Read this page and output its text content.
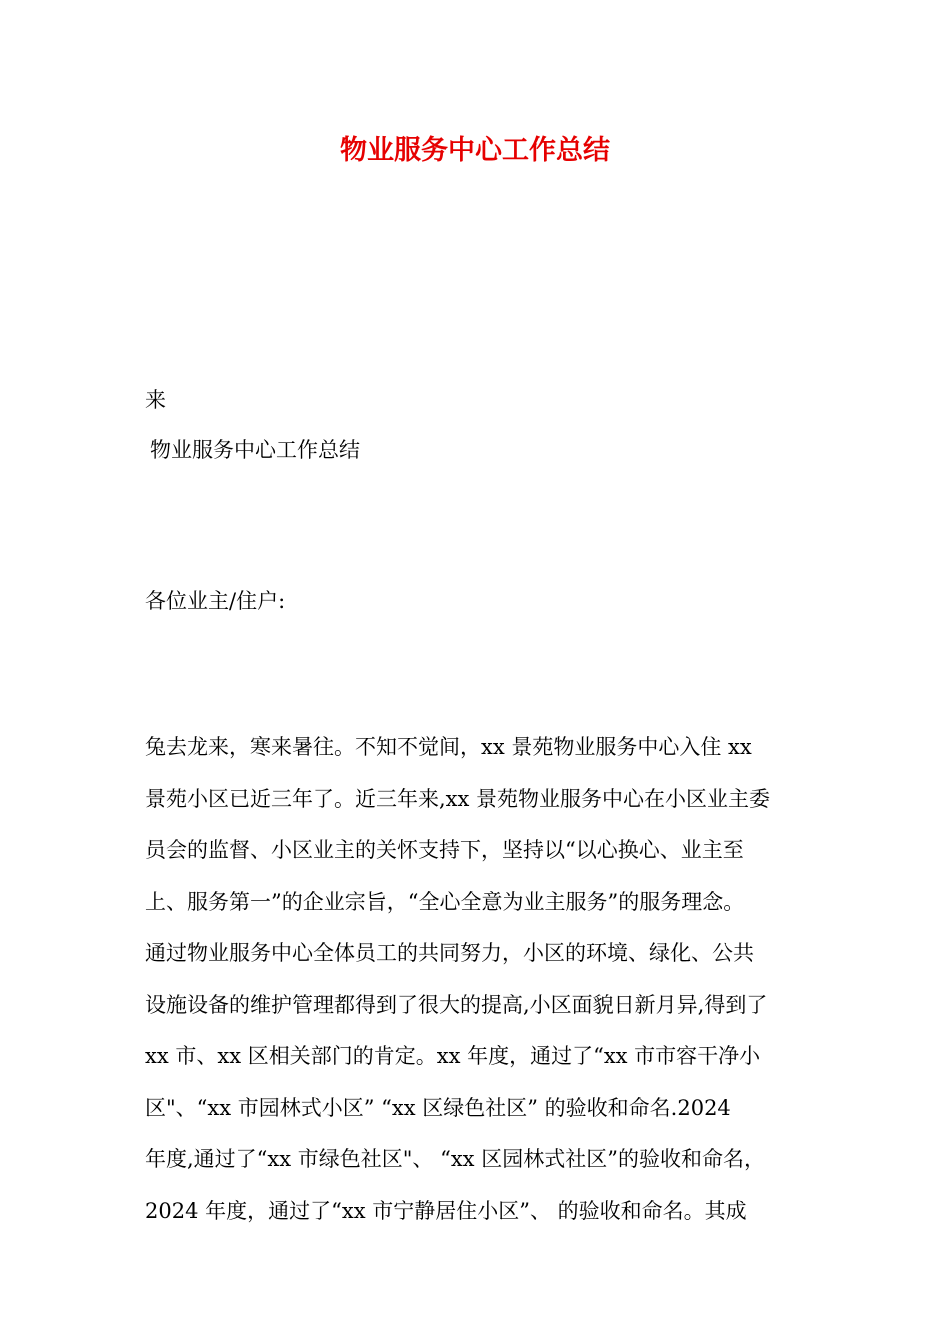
物业服务中心工作总结
来
物业服务中心工作总结
各位业主/住户:
兔去龙来，寒来暑往。不知不觉间，xx 景苑物业服务中心入住 xx
景苑小区已近三年了。近三年来,xx 景苑物业服务中心在小区业主委
员会的监督、小区业主的关怀支持下，坚持以“以心换心、业主至
上、服务第一”的企业宗旨，“全心全意为业主服务”的服务理念。
通过物业服务中心全体员工的共同努力，小区的环境、绿化、公共
设施设备的维护管理都得到了很大的提高,小区面貌日新月异,得到了
xx 市、xx 区相关部门的肯定。xx 年度，通过了“xx 市市容干净小
区"、“xx 市园林式小区” “xx 区绿色社区” 的验收和命名.2024
年度,通过了“xx 市绿色社区"、 “xx 区园林式社区”的验收和命名，
2024 年度，通过了“xx 市宁静居住小区”、 的验收和命名。其成
